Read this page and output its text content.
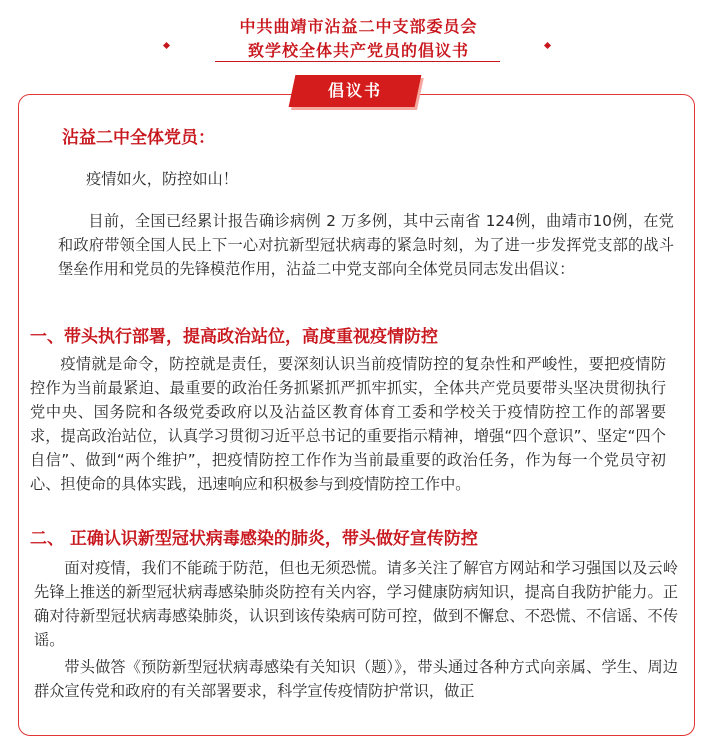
中共曲靖市沾益二中支部委员会
致学校全体共产党员的倡议书
倡议书
沾益二中全体党员：
疫情如火，防控如山！
目前，全国已经累计报告确诊病例 2 万多例，其中云南省 124例，曲靖市10例，在党和政府带领全国人民上下一心对抗新型冠状病毒的紧急时刻，为了进一步发挥党支部的战斗堡垒作用和党员的先锋模范作用，沾益二中党支部向全体党员同志发出倡议：
一、带头执行部署，提高政治站位，高度重视疫情防控
疫情就是命令，防控就是责任，要深刻认识当前疫情防控的复杂性和严峻性，要把疫情防控作为当前最紧迫、最重要的政治任务抓紧抓严抓牢抓实，全体共产党员要带头坚决贯彻执行党中央、国务院和各级党委政府以及沾益区教育体育工委和学校关于疫情防控工作的部署要求，提高政治站位，认真学习贯彻习近平总书记的重要指示精神，增强“四个意识”、坚定“四个自信”、做到“两个维护”，把疫情防控工作作为当前最重要的政治任务，作为每一个党员守初心、担使命的具体实践，迅速响应和积极参与到疫情防控工作中。
二、 正确认识新型冠状病毒感染的肺炎，带头做好宣传防控
面对疫情，我们不能疏于防范，但也无须恐慌。请多关注了解官方网站和学习强国以及云岭先锋上推送的新型冠状病毒感染肺炎防控有关内容，学习健康防病知识，提高自我防护能力。正确对待新型冠状病毒感染肺炎，认识到该传染病可防可控，做到不懈怠、不恐慌、不信谣、不传谣。
带头做答《预防新型冠状病毒感染有关知识（题）》，带头通过各种方式向亲属、学生、周边群众宣传党和政府的有关部署要求，科学宣传疫情防护常识，做正
